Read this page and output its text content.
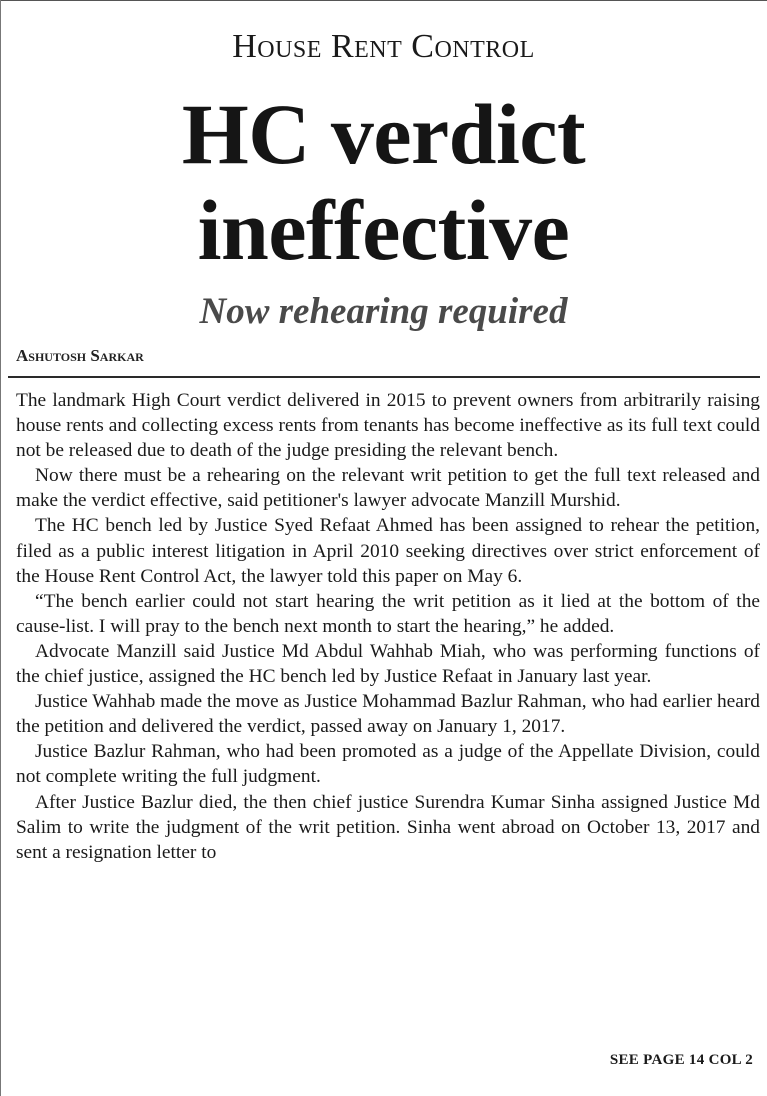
House Rent Control
HC verdict
ineffective
Now rehearing required
Ashutosh Sarkar

The landmark High Court verdict delivered in 2015 to prevent owners from arbitrarily raising house rents and collecting excess rents from tenants has become ineffective as its full text could not be released due to death of the judge presiding the relevant bench.

Now there must be a rehearing on the relevant writ petition to get the full text released and make the verdict effective, said petitioner's lawyer advocate Manzill Murshid.

The HC bench led by Justice Syed Refaat Ahmed has been assigned to rehear the petition, filed as a public interest litigation in April 2010 seeking directives over strict enforcement of the House Rent Control Act, the lawyer told this paper on May 6.

“The bench earlier could not start hearing the writ petition as it lied at the bottom of the cause-list. I will pray to the bench next month to start the hearing,” he added.

Advocate Manzill said Justice Md Abdul Wahhab Miah, who was performing functions of the chief justice, assigned the HC bench led by Justice Refaat in January last year.

Justice Wahhab made the move as Justice Mohammad Bazlur Rahman, who had earlier heard the petition and delivered the verdict, passed away on January 1, 2017.

Justice Bazlur Rahman, who had been promoted as a judge of the Appellate Division, could not complete writing the full judgment.

After Justice Bazlur died, the then chief justice Surendra Kumar Sinha assigned Justice Md Salim to write the judgment of the writ petition. Sinha went abroad on October 13, 2017 and sent a resignation letter to

SEE PAGE 14 COL 2
